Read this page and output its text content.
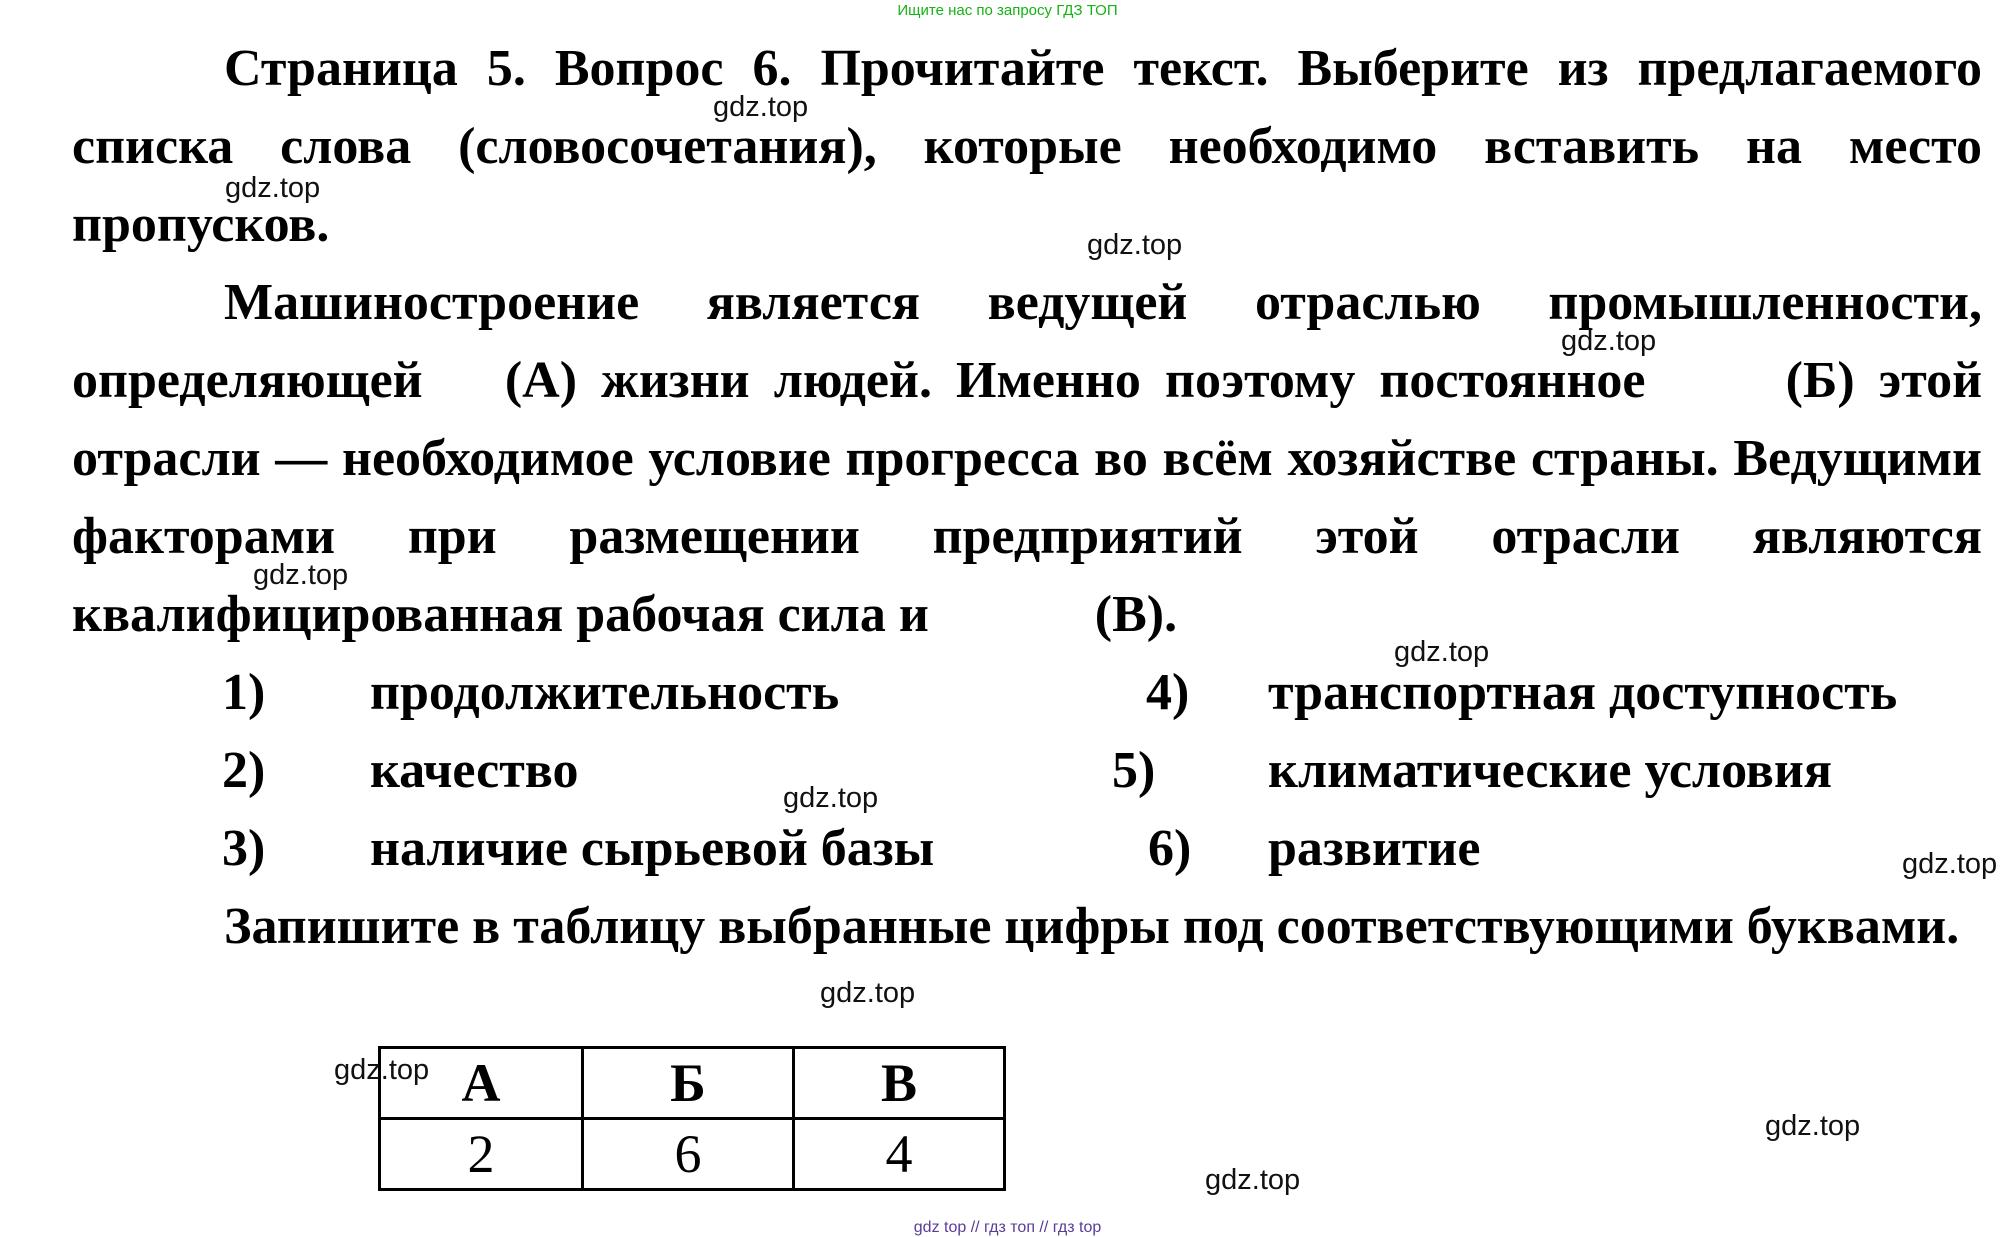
Ищите нас по запросу ГДЗ ТОП

Страница 5. Вопрос 6. Прочитайте текст. Выберите из предлагаемого списка слова (словосочетания), которые необходимо вставить на место пропусков.

Машиностроение является ведущей отраслью промышленности, определяющей (А) жизни людей. Именно поэтому постоянное	(Б) этой отрасли — необходимое условие прогресса во всём хозяйстве страны. Ведущими факторами при размещении предприятий этой отрасли являются квалифицированная рабочая сила и	(В).

1) продолжительность	4) транспортная доступность
2) качество	5) климатические условия
3) наличие сырьевой базы	6) развитие

Запишите в таблицу выбранные цифры под соответствующими буквами.

А	Б	В
2	6	4
gdz.top
gdz.top
gdz.top
gdz.top
gdz.top
gdz.top
gdz.top
gdz.top
gdz.top
gdz.top
gdz.top
gdz.top
gdz top // гдз топ // гдз top
